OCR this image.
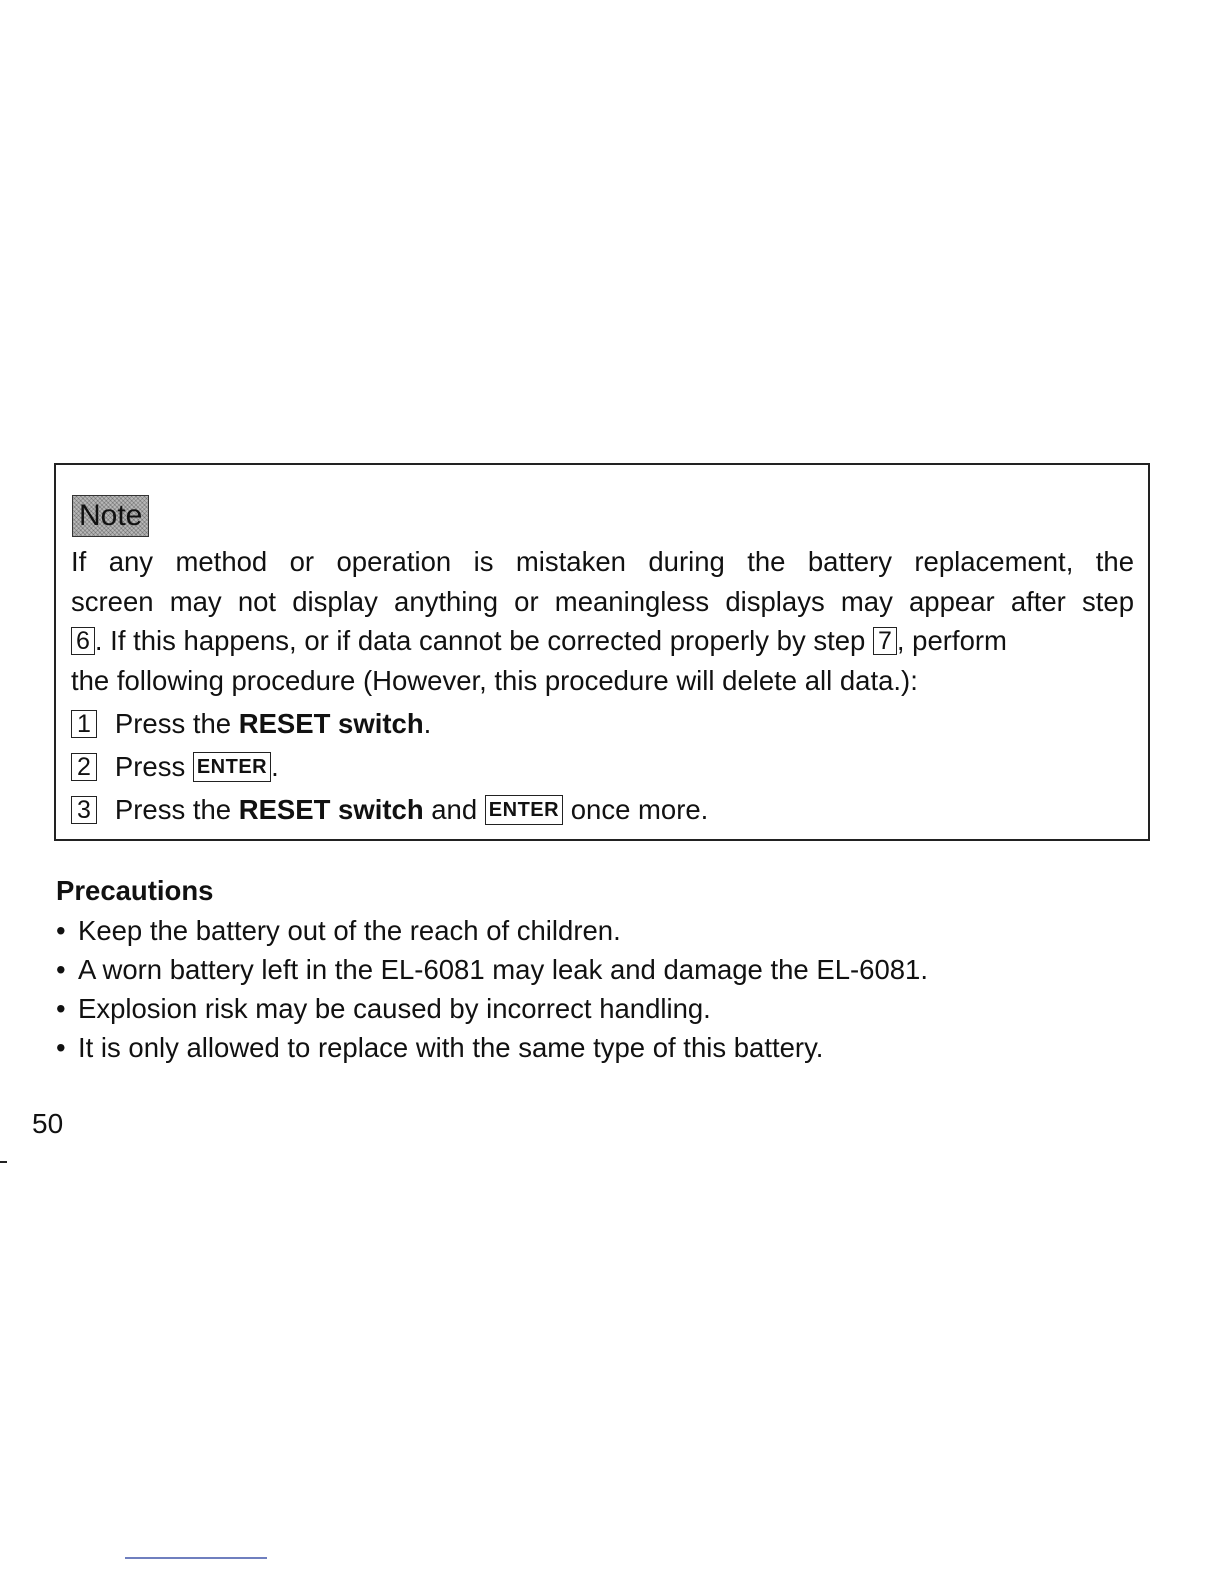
Note
If any method or operation is mistaken during the battery replacement, the
screen may not display anything or meaningless displays may appear after step
6 . If this happens, or if data cannot be corrected properly by step 7 , perform
the following procedure (However, this procedure will delete all data.):
1 Press the RESET switch.
2 Press ENTER .
3 Press the RESET switch and ENTER once more.
Precautions
• Keep the battery out of the reach of children.
• A worn battery left in the EL-6081 may leak and damage the EL-6081.
• Explosion risk may be caused by incorrect handling.
• It is only allowed to replace with the same type of this battery.
50
